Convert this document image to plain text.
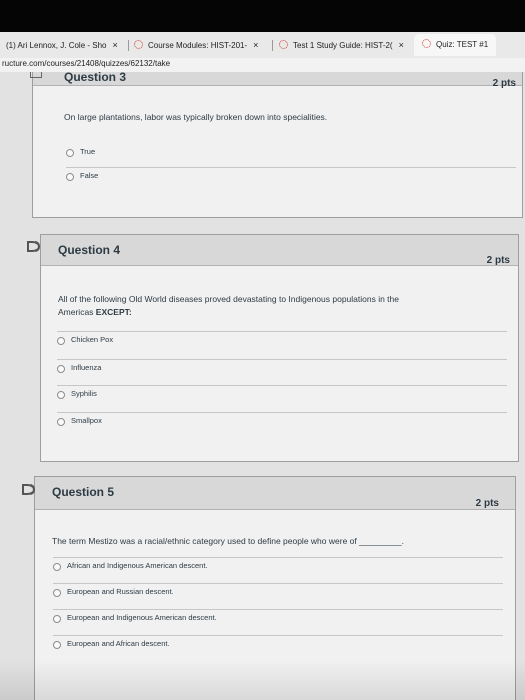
(1) Ari Lennox, J. Cole - Sho ×	Course Modules: HIST-201- ×	Test 1 Study Guide: HIST-2( ×	Quiz: TEST #1
ructure.com/courses/21408/quizzes/62132/take
Question 3	2 pts
On large plantations, labor was typically broken down into specialities.
True
False
Question 4
2 pts
All of the following Old World diseases proved devastating to Indigenous populations in the
Americas EXCEPT:
Chicken Pox
Influenza
Syphilis
Smallpox
Question 5
2 pts
The term Mestizo was a racial/ethnic category used to define people who were of _________.
African and Indigenous American descent.
European and Russian descent.
European and Indigenous American descent.
European and African descent.
